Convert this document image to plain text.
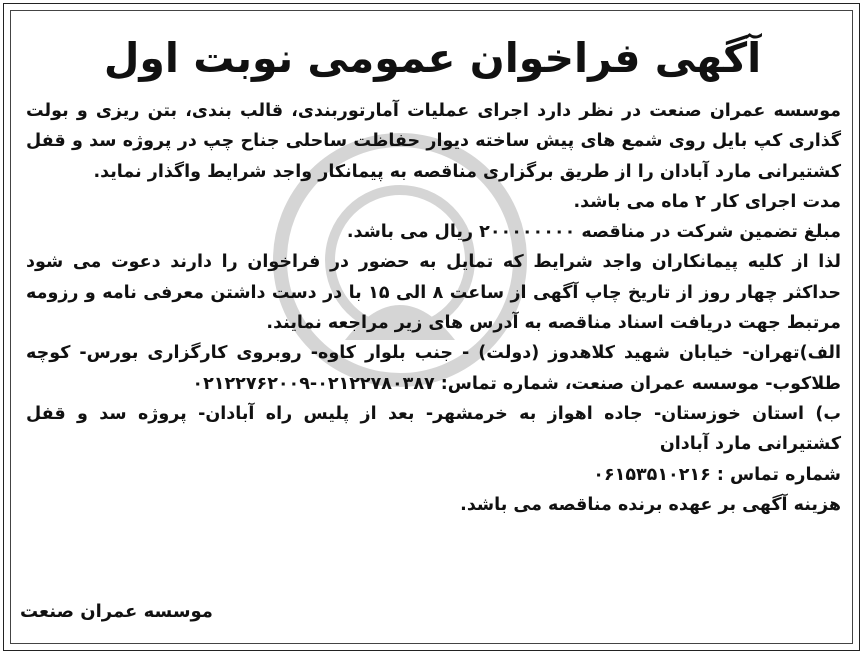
آگهی فراخوان عمومی نوبت اول

موسسه عمران صنعت در نظر دارد اجرای عملیات آمارتوربندی، قالب بندی، بتن ریزی و بولت گذاری کپ بایل روی شمع های پیش ساخته دیوار حفاظت ساحلی جناح چپ در پروژه سد و قفل کشتیرانی مارد آبادان را از طریق برگزاری مناقصه به پیمانکار واجد شرایط واگذار نماید.

مدت اجرای کار ۲ ماه می باشد.

مبلغ تضمین شرکت در مناقصه ۲۰۰۰۰۰۰۰۰ ریال می باشد.

لذا از کلیه پیمانکاران واجد شرایط که تمایل به حضور در فراخوان را دارند دعوت می شود حداکثر چهار روز از تاریخ چاپ آگهی از ساعت ۸ الی ۱۵ با در دست داشتن معرفی نامه و رزومه مرتبط جهت دریافت اسناد مناقصه به آدرس های زیر مراجعه نمایند.

الف)تهران- خیابان شهید کلاهدوز (دولت) - جنب بلوار کاوه- روبروی کارگزاری بورس- کوچه طلاکوب- موسسه عمران صنعت، شماره تماس: ۰۲۱۲۲۷۸۰۳۸۷-۰۲۱۲۲۷۶۲۰۰۹

ب) استان خوزستان- جاده اهواز به خرمشهر- بعد از پلیس راه آبادان- پروژه سد و قفل کشتیرانی مارد آبادان

شماره تماس : ۰۶۱۵۳۵۱۰۲۱۶

هزینه آگهی بر عهده برنده مناقصه می باشد.

موسسه عمران صنعت
